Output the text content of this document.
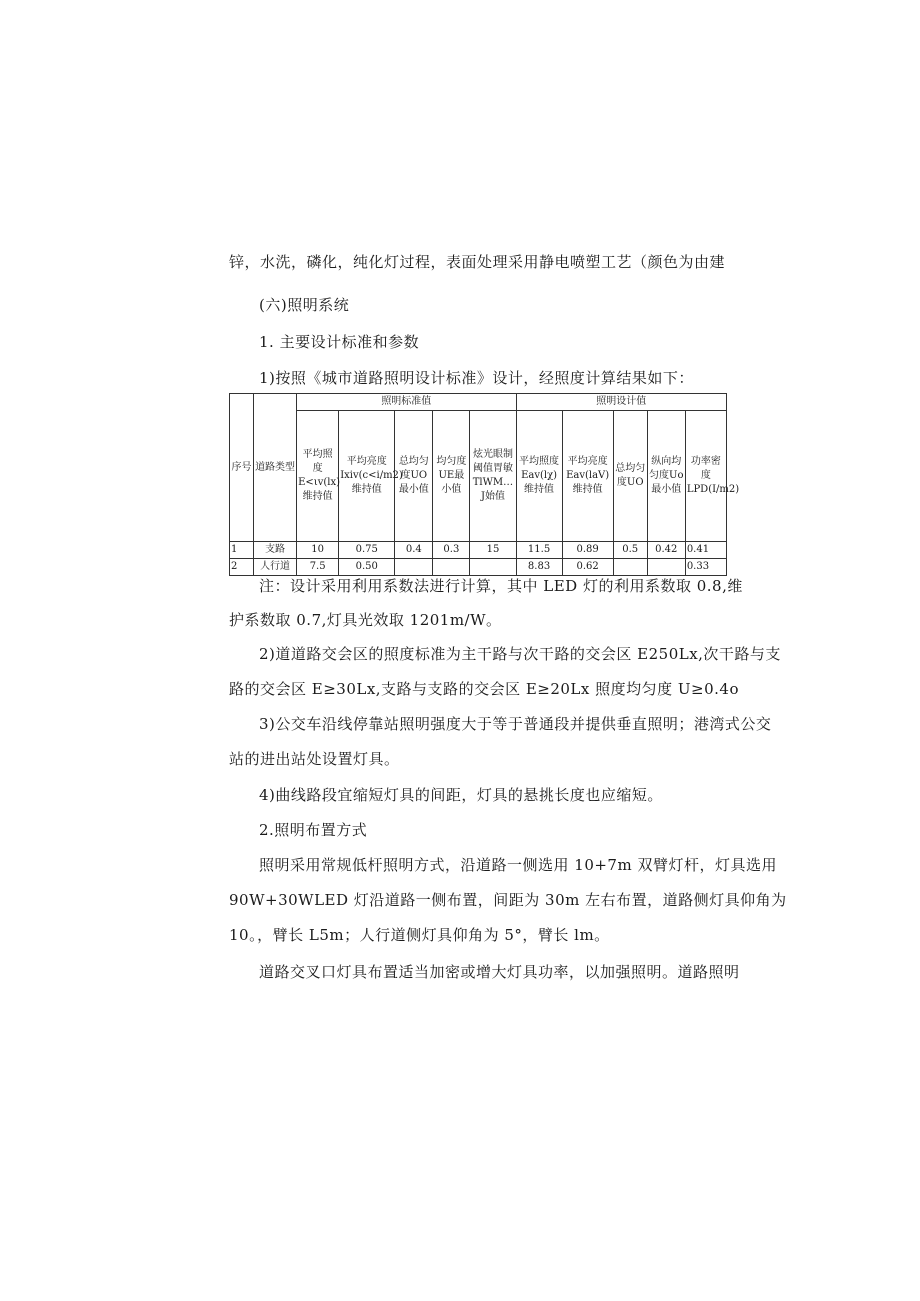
锌，水洗，磷化，纯化灯过程，表面处理采用静电喷塑工艺（颜色为由建
(六)照明系统
1. 主要设计标准和参数
1)按照《城市道路照明设计标准》设计，经照度计算结果如下：
序号	道路类型	照明标准值					照明设计值				
		平均照度E<ιv(lx)维持值	平均亮度Ixiv(c<i/m2)维持值	总均匀度UO最小值	均匀度UE最小值	炫光眼制阈值胃敏TlWM…J始值	平均照度Eav(lχ)维持值	平均亮度Eav(laV)维持值	总均匀度UO	纵向均匀度Uo最小值	功率密度LPD(I/m2)
1	支路	10	0.75	0.4	0.3	15	11.5	0.89	0.5	0.42	0.41
2	人行道	7.5	0.50				8.83	0.62			0.33
注：设计采用利用系数法进行计算，其中 LED 灯的利用系数取 0.8,维
护系数取 0.7,灯具光效取 1201m/W。
2)道道路交会区的照度标准为主干路与次干路的交会区 E250Lx,次干路与支
路的交会区 E≥30Lx,支路与支路的交会区 E≥20Lx 照度均匀度 U≥0.4o
3)公交车沿线停靠站照明强度大于等于普通段并提供垂直照明；港湾式公交
站的进出站处设置灯具。
4)曲线路段宜缩短灯具的间距，灯具的悬挑长度也应缩短。
2.照明布置方式
照明采用常规低杆照明方式，沿道路一侧选用 10+7m 双臂灯杆，灯具选用
90W+30WLED 灯沿道路一侧布置，间距为 30m 左右布置，道路侧灯具仰角为
10。，臂长 L5m；人行道侧灯具仰角为 5°，臂长 lm。
道路交叉口灯具布置适当加密或增大灯具功率，以加强照明。道路照明
